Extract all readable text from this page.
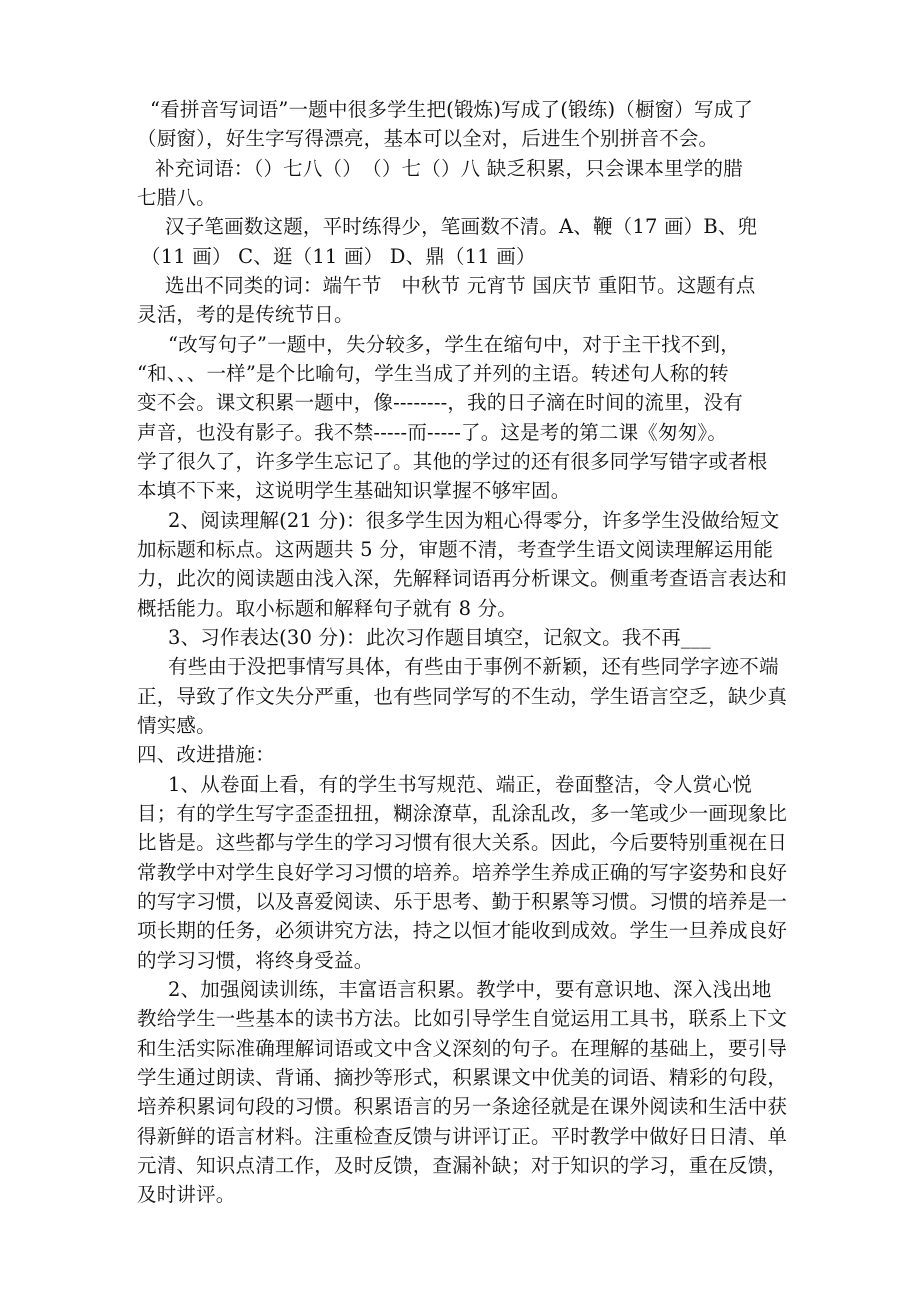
“看拼音写词语”一题中很多学生把(锻炼)写成了(锻练)（橱窗）写成了
（厨窗），好生字写得漂亮，基本可以全对，后进生个别拼音不会。
补充词语：（）七八（）　（）七（）八 缺乏积累，只会课本里学的腊
七腊八。
汉子笔画数这题，平时练得少，笔画数不清。A、鞭（17 画）B、兜
（11 画） C、逛（11 画） D、鼎（11 画）
选出不同类的词：端午节　中秋节 元宵节 国庆节 重阳节。这题有点
灵活，考的是传统节日。
“改写句子”一题中，失分较多，学生在缩句中，对于主干找不到，
“和、、、一样”是个比喻句，学生当成了并列的主语。转述句人称的转
变不会。课文积累一题中，像--------，我的日子滴在时间的流里，没有
声音，也没有影子。我不禁-----而-----了。这是考的第二课《匆匆》。
学了很久了，许多学生忘记了。其他的学过的还有很多同学写错字或者根
本填不下来，这说明学生基础知识掌握不够牢固。
2、阅读理解(21 分)：很多学生因为粗心得零分，许多学生没做给短文
加标题和标点。这两题共 5 分，审题不清，考查学生语文阅读理解运用能
力，此次的阅读题由浅入深，先解释词语再分析课文。侧重考查语言表达和
概括能力。取小标题和解释句子就有 8 分。
3、习作表达(30 分)：此次习作题目填空，记叙文。我不再___
有些由于没把事情写具体，有些由于事例不新颖，还有些同学字迹不端
正，导致了作文失分严重，也有些同学写的不生动，学生语言空乏，缺少真
情实感。
四、改进措施：
1、从卷面上看，有的学生书写规范、端正，卷面整洁，令人赏心悦
目；有的学生写字歪歪扭扭，糊涂潦草，乱涂乱改，多一笔或少一画现象比
比皆是。这些都与学生的学习习惯有很大关系。因此，今后要特别重视在日
常教学中对学生良好学习习惯的培养。培养学生养成正确的写字姿势和良好
的写字习惯，以及喜爱阅读、乐于思考、勤于积累等习惯。习惯的培养是一
项长期的任务，必须讲究方法，持之以恒才能收到成效。学生一旦养成良好
的学习习惯，将终身受益。
2、加强阅读训练，丰富语言积累。教学中，要有意识地、深入浅出地
教给学生一些基本的读书方法。比如引导学生自觉运用工具书，联系上下文
和生活实际准确理解词语或文中含义深刻的句子。在理解的基础上，要引导
学生通过朗读、背诵、摘抄等形式，积累课文中优美的词语、精彩的句段，
培养积累词句段的习惯。积累语言的另一条途径就是在课外阅读和生活中获
得新鲜的语言材料。注重检查反馈与讲评订正。平时教学中做好日日清、单
元清、知识点清工作，及时反馈，查漏补缺；对于知识的学习，重在反馈，
及时讲评。
